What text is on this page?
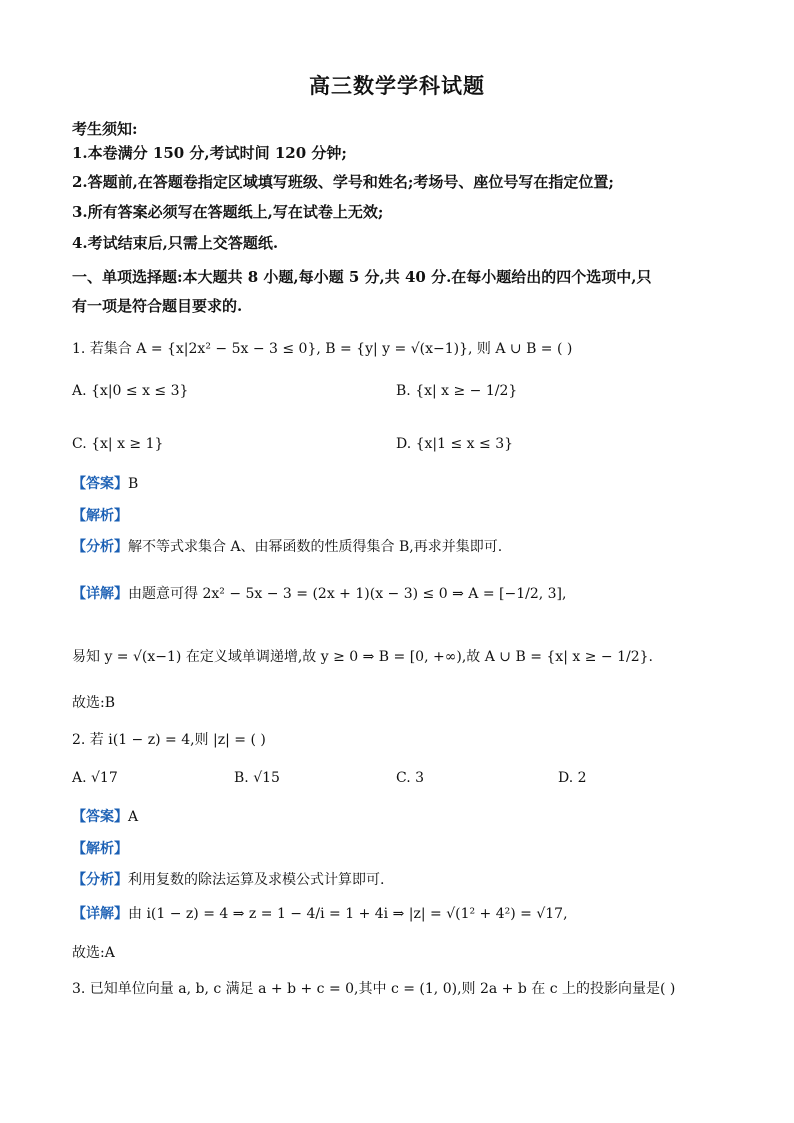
高三数学学科试题
考生须知:
1.本卷满分 150 分,考试时间 120 分钟;
2.答题前,在答题卷指定区域填写班级、学号和姓名;考场号、座位号写在指定位置;
3.所有答案必须写在答题纸上,写在试卷上无效;
4.考试结束后,只需上交答题纸.
一、单项选择题:本大题共 8 小题,每小题 5 分,共 40 分.在每小题给出的四个选项中,只
有一项是符合题目要求的.
1. 若集合 A = {x|2x² − 5x − 3 ≤ 0}, B = {y| y = √(x−1)}, 则 A ∪ B = ( )
A. {x|0 ≤ x ≤ 3}	B. {x| x ≥ − 1/2}
C. {x| x ≥ 1}	D. {x|1 ≤ x ≤ 3}
【答案】B
【解析】
【分析】解不等式求集合 A、由幂函数的性质得集合 B,再求并集即可.
【详解】由题意可得 2x² − 5x − 3 = (2x + 1)(x − 3) ≤ 0 ⇒ A = [−1/2, 3],
易知 y = √(x−1) 在定义域单调递增,故 y ≥ 0 ⇒ B = [0, +∞),故 A ∪ B = {x| x ≥ − 1/2}.
故选:B
2. 若 i(1 − z) = 4,则 |z| = ( )
A. √17	B. √15	C. 3	D. 2
【答案】A
【解析】
【分析】利用复数的除法运算及求模公式计算即可.
【详解】由 i(1 − z) = 4 ⇒ z = 1 − 4/i = 1 + 4i ⇒ |z| = √(1² + 4²) = √17,
故选:A
3. 已知单位向量 a, b, c 满足 a + b + c = 0,其中 c = (1, 0),则 2a + b 在 c 上的投影向量是( )
